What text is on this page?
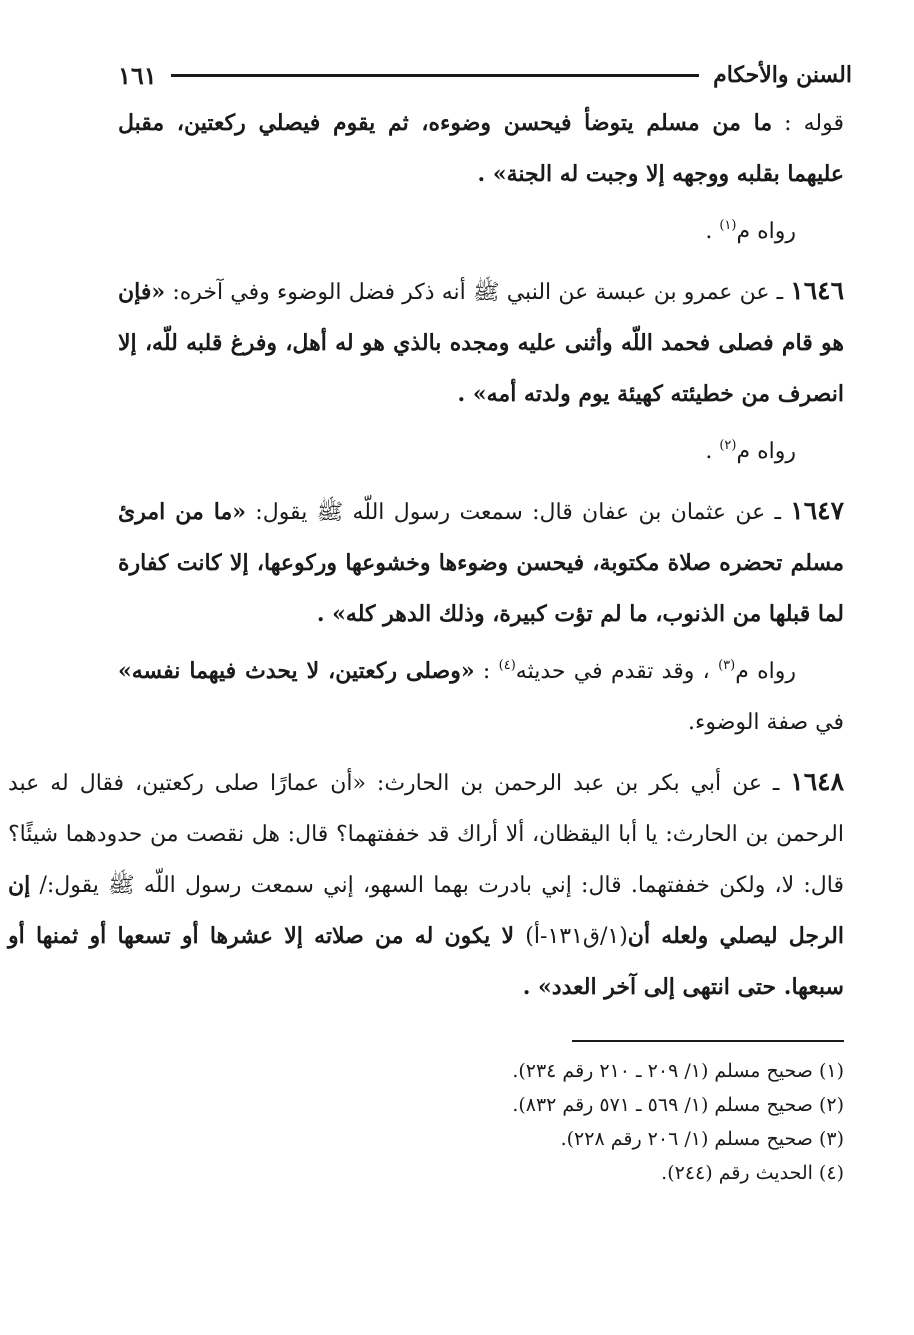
السنن والأحكام
١٦١

قوله : ما من مسلم يتوضأ فيحسن وضوءه، ثم يقوم فيصلي ركعتين، مقبل عليهما بقلبه ووجهه إلا وجبت له الجنة» .

رواه م$^{(١)}$ .

١٦٤٦ ـ عن عمرو بن عبسة عن النبي ﷺ أنه ذكر فضل الوضوء وفي آخره: «فإن هو قام فصلى فحمد اللّه وأثنى عليه ومجده بالذي هو له أهل، وفرغ قلبه للّه، إلا انصرف من خطيئته كهيئة يوم ولدته أمه» .

رواه م$^{(٢)}$ .

١٦٤٧ ـ عن عثمان بن عفان قال: سمعت رسول اللّه ﷺ يقول: «ما من امرئ مسلم تحضره صلاة مكتوبة، فيحسن وضوءها وخشوعها وركوعها، إلا كانت كفارة لما قبلها من الذنوب، ما لم تؤت كبيرة، وذلك الدهر كله» .

رواه م$^{(٣)}$ ، وقد تقدم في حديثه$^{(٤)}$ : «وصلى ركعتين، لا يحدث فيهما نفسه» في صفة الوضوء.

١٦٤٨ ـ عن أبي بكر بن عبد الرحمن بن الحارث: «أن عمارًا صلى ركعتين، فقال له عبد الرحمن بن الحارث: يا أبا اليقظان، ألا أراك قد خففتهما؟ قال: هل نقصت من حدودهما شيئًا؟ قال: لا، ولكن خففتهما. قال: إني بادرت بهما السهو، إني سمعت رسول اللّه ﷺ يقول:/ إن الرجل ليصلي ولعله أن(١/ق١٣١-أ) لا يكون له من صلاته إلا عشرها أو تسعها أو ثمنها أو سبعها. حتى انتهى إلى آخر العدد» .

(١) صحيح مسلم (١/ ٢٠٩ ـ ٢١٠ رقم ٢٣٤).
(٢) صحيح مسلم (١/ ٥٦٩ ـ ٥٧١ رقم ٨٣٢).
(٣) صحيح مسلم (١/ ٢٠٦ رقم ٢٢٨).
(٤) الحديث رقم (٢٤٤).
